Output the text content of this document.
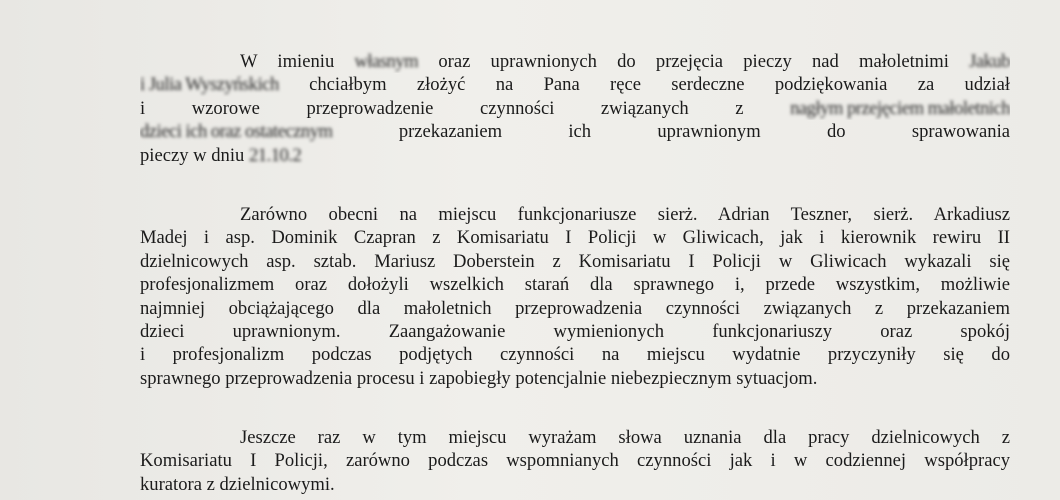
W imieniu własnym oraz uprawnionych do przejęcia pieczy nad małoletnimi Jakub
i Julia Wyszyńskich chciałbym złożyć na Pana ręce serdeczne podziękowania za udział
i wzorowe przeprowadzenie czynności związanych z	nagłym przejęciem małoletnich
dzieci ich oraz ostatecznym	przekazaniem ich uprawnionym do sprawowania
pieczy w dniu 21.10.2
Zarówno obecni na miejscu funkcjonariusze sierż. Adrian Teszner, sierż. Arkadiusz
Madej i asp. Dominik Czapran z Komisariatu I Policji w Gliwicach, jak i kierownik rewiru II
dzielnicowych asp. sztab. Mariusz Doberstein z Komisariatu I Policji w Gliwicach wykazali się
profesjonalizmem oraz dołożyli wszelkich starań dla sprawnego i, przede wszystkim, możliwie
najmniej obciążającego dla małoletnich przeprowadzenia czynności związanych z przekazaniem
dzieci uprawnionym. Zaangażowanie wymienionych funkcjonariuszy oraz spokój
i profesjonalizm podczas podjętych czynności na miejscu wydatnie przyczyniły się do
sprawnego przeprowadzenia procesu i zapobiegły potencjalnie niebezpiecznym sytuacjom.
Jeszcze raz w tym miejscu wyrażam słowa uznania dla pracy dzielnicowych z
Komisariatu I Policji, zarówno podczas wspomnianych czynności jak i w codziennej współpracy
kuratora z dzielnicowymi.
